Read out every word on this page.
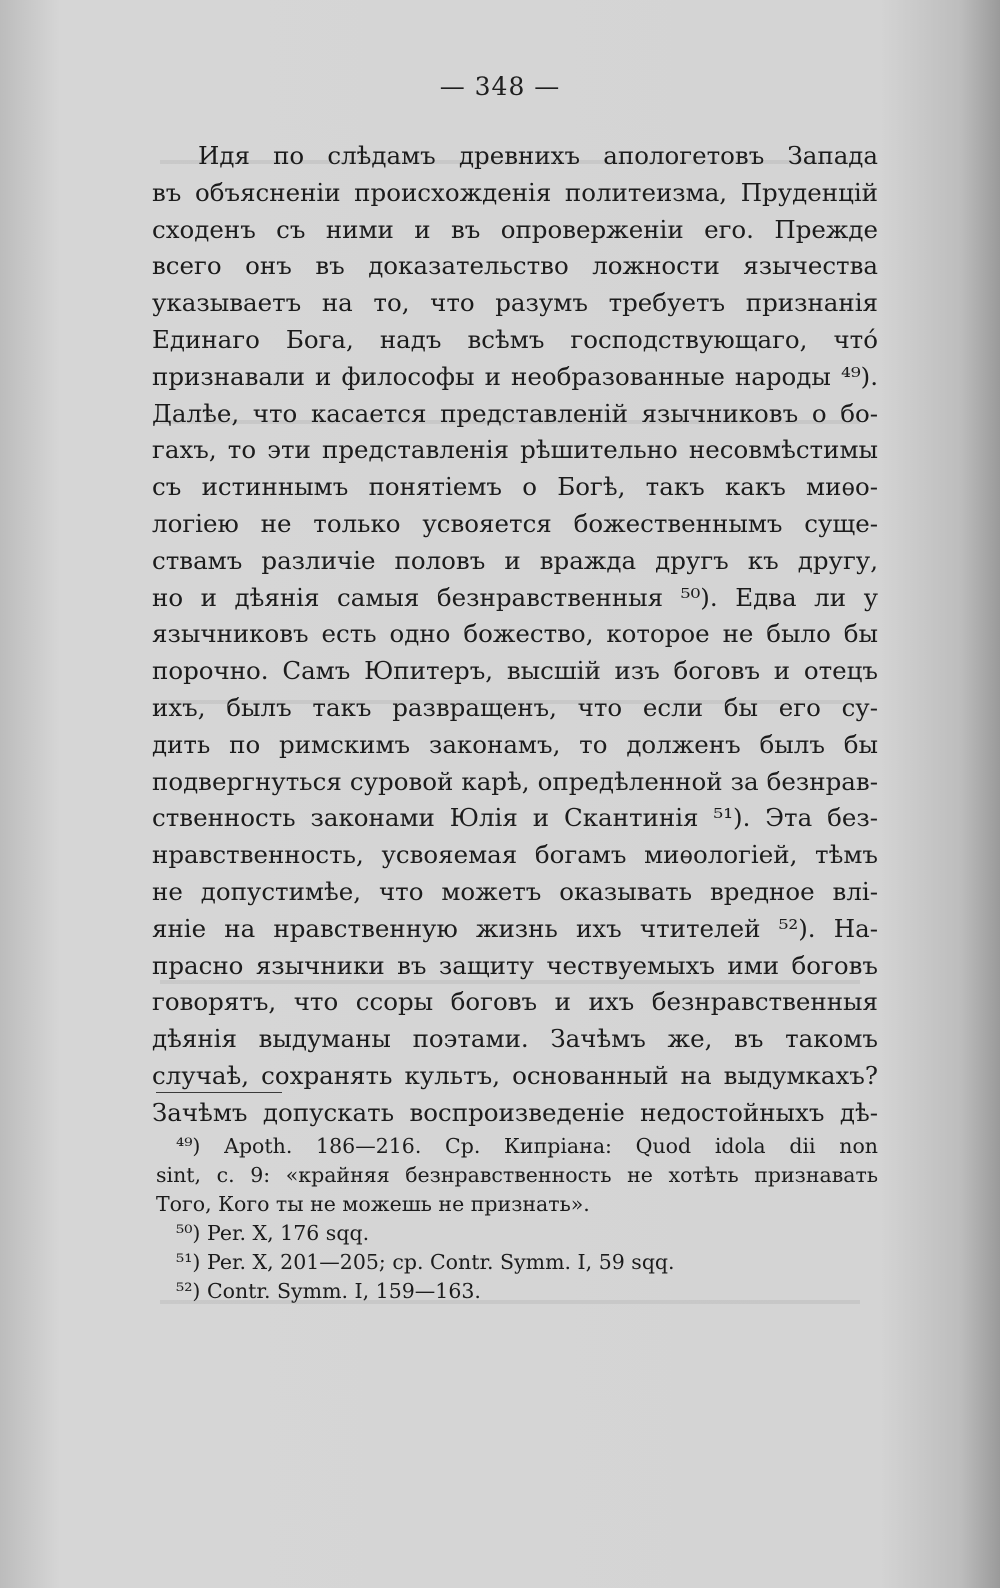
— 348 —
Идя по слѣдамъ древнихъ апологетовъ Запада
въ объясненіи происхожденія политеизма, Пруденцій
сходенъ съ ними и въ опроверженіи его. Прежде
всего онъ въ доказательство ложности язычества
указываетъ на то, что разумъ требуетъ признанія
Единаго Бога, надъ всѣмъ господствующаго, что́
признавали и философы и необразованные народы ⁴⁹).
Далѣе, что касается представленій язычниковъ о бо-
гахъ, то эти представленія рѣшительно несовмѣстимы
съ истиннымъ понятіемъ о Богѣ, такъ какъ миѳо-
логіею не только усвояется божественнымъ суще-
ствамъ различіе половъ и вражда другъ къ другу,
но и дѣянія самыя безнравственныя ⁵⁰). Едва ли у
язычниковъ есть одно божество, которое не было бы
порочно. Самъ Юпитеръ, высшій изъ боговъ и отецъ
ихъ, былъ такъ развращенъ, что если бы его су-
дить по римскимъ законамъ, то долженъ былъ бы
подвергнуться суровой карѣ, опредѣленной за безнрав-
ственность законами Юлія и Скантинія ⁵¹). Эта без-
нравственность, усвояемая богамъ миѳологіей, тѣмъ
не допустимѣе, что можетъ оказывать вредное влі-
яніе на нравственную жизнь ихъ чтителей ⁵²). На-
прасно язычники въ защиту чествуемыхъ ими боговъ
говорятъ, что ссоры боговъ и ихъ безнравственныя
дѣянія выдуманы поэтами. Зачѣмъ же, въ такомъ
случаѣ, сохранять культъ, основанный на выдумкахъ?
Зачѣмъ допускать воспроизведеніе недостойныхъ дѣ-
⁴⁹) Apoth. 186—216. Ср. Кипріана: Quod idola dii non
sint, c. 9: «крайняя безнравственность не хотѣть признавать
Того, Кого ты не можешь не признать».
⁵⁰) Per. X, 176 sqq.
⁵¹) Per. X, 201—205; ср. Contr. Symm. I, 59 sqq.
⁵²) Contr. Symm. I, 159—163.
